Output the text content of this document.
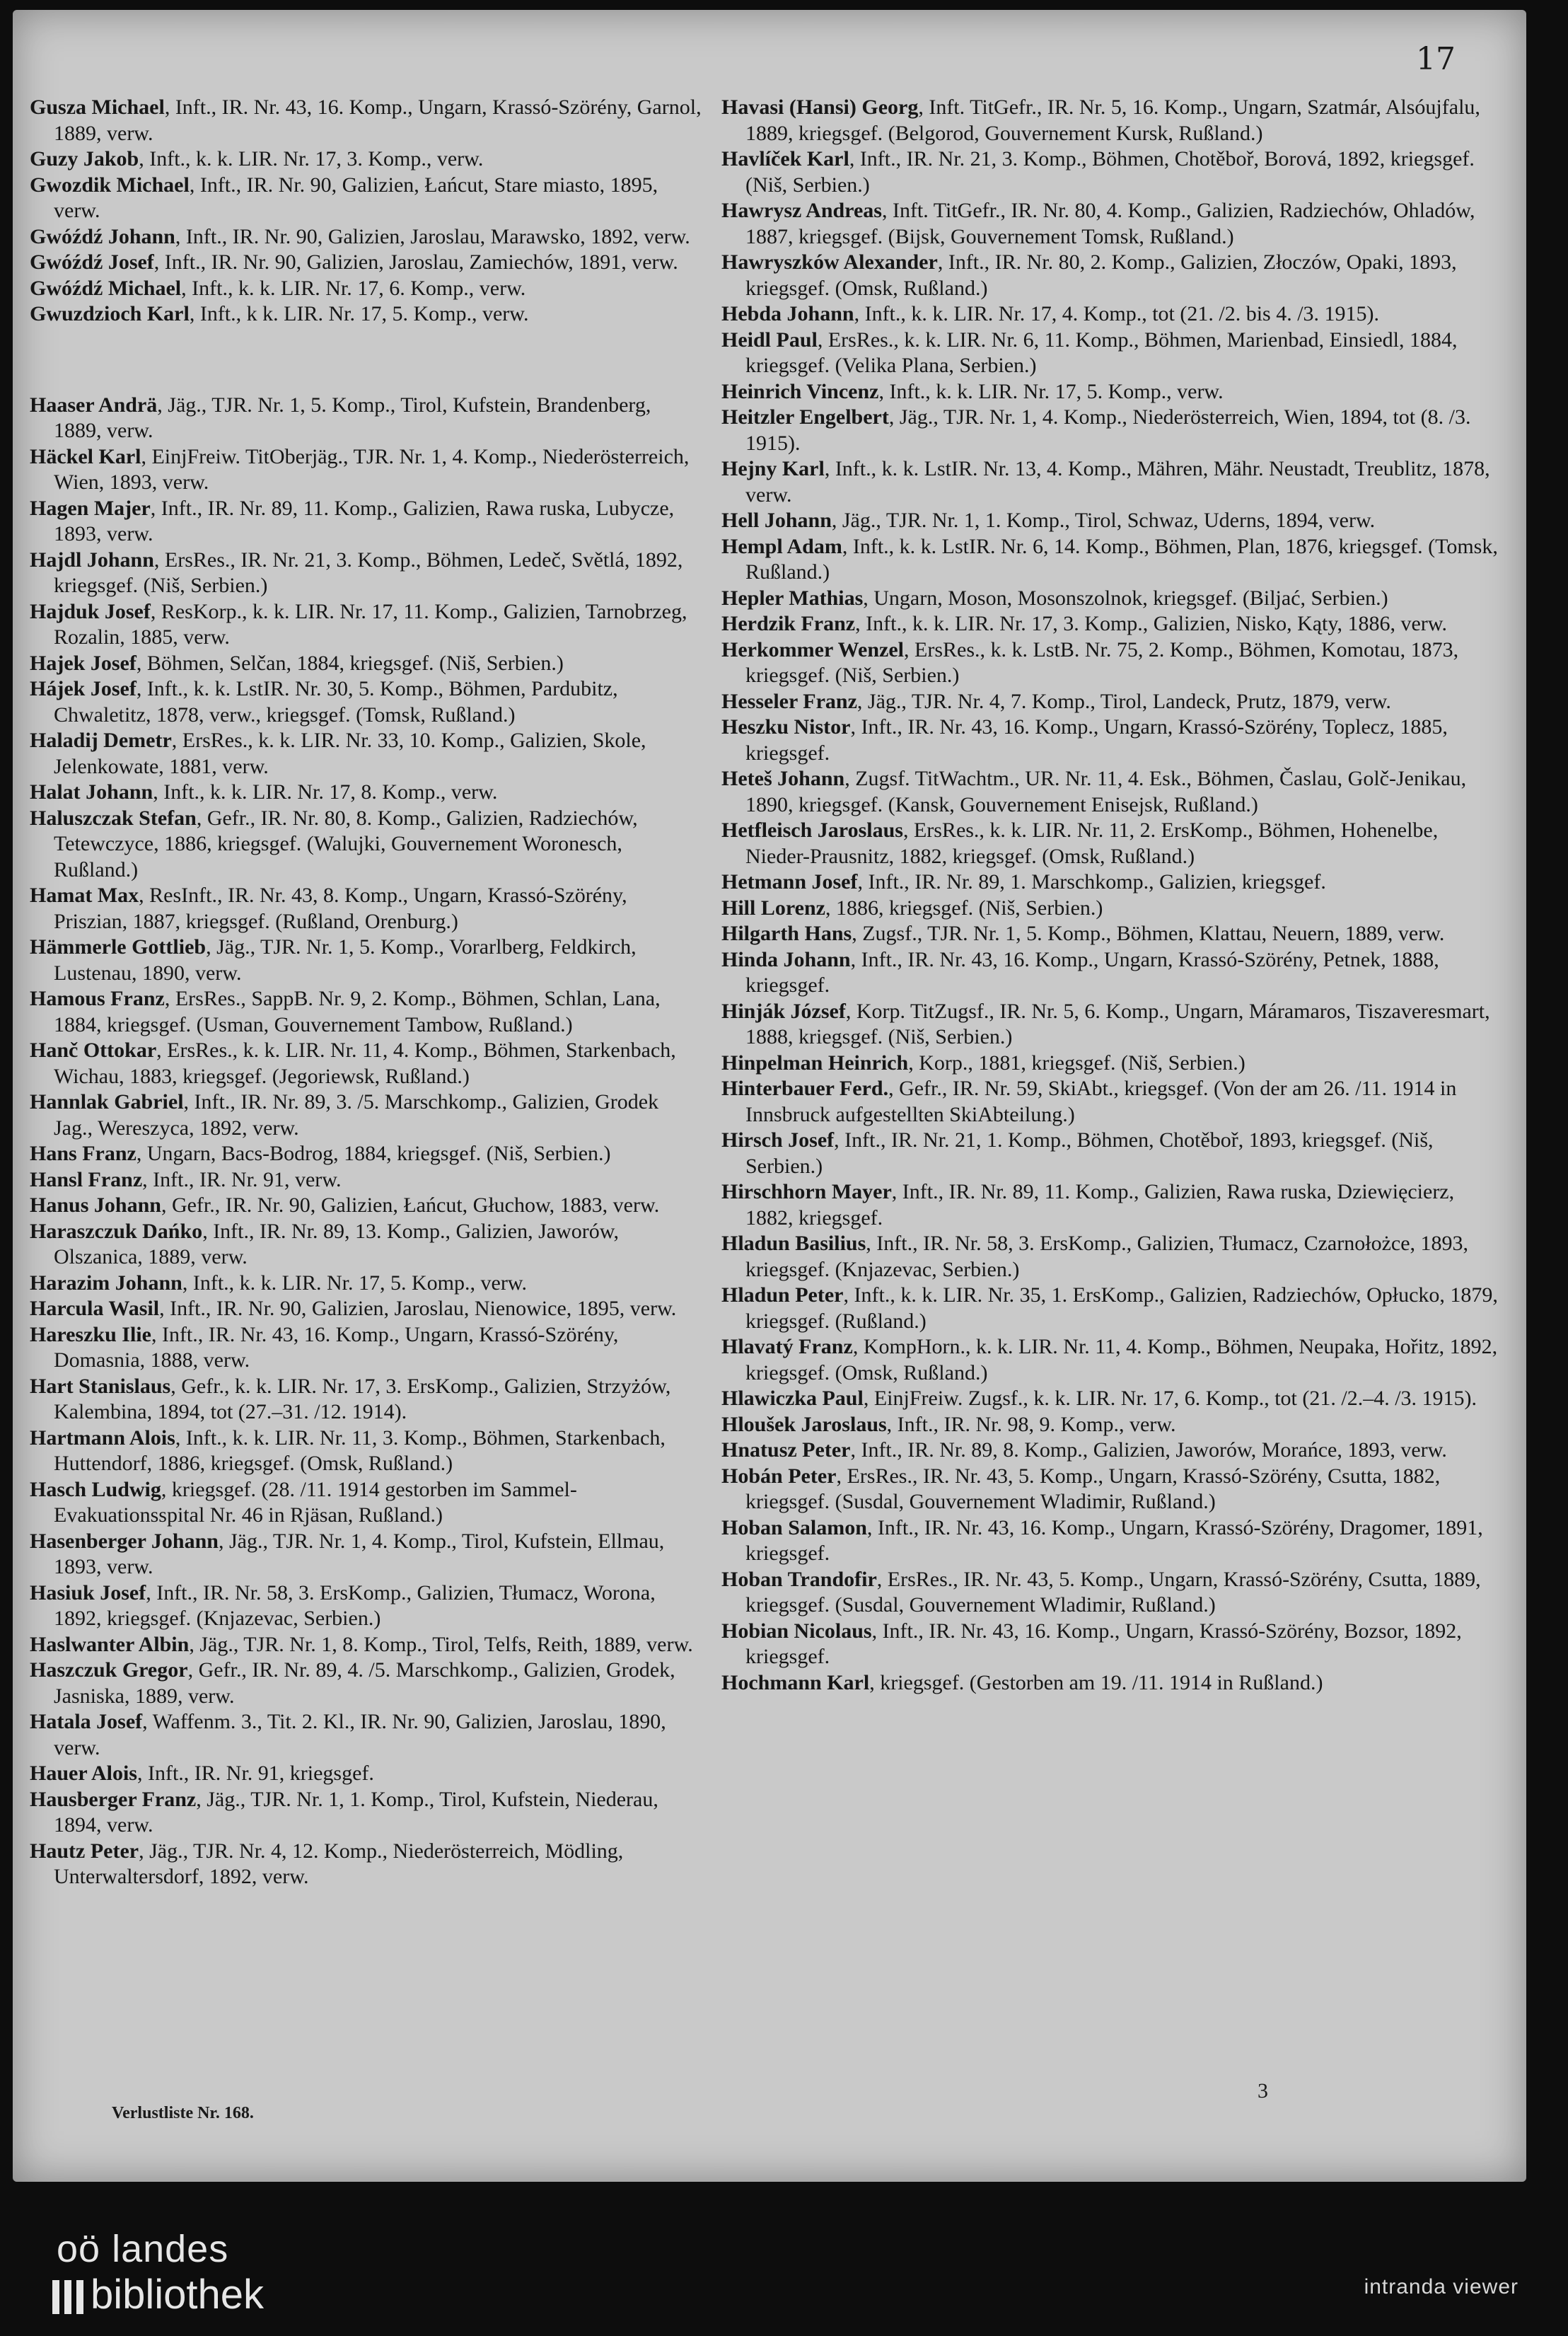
17

Gusza Michael, Inft., IR. Nr. 43, 16. Komp., Ungarn, Krassó-Szörény, Garnol, 1889, verw.

Guzy Jakob, Inft., k. k. LIR. Nr. 17, 3. Komp., verw.

Gwozdik Michael, Inft., IR. Nr. 90, Galizien, Łańcut, Stare miasto, 1895, verw.

Gwóźdź Johann, Inft., IR. Nr. 90, Galizien, Jaroslau, Marawsko, 1892, verw.

Gwóźdź Josef, Inft., IR. Nr. 90, Galizien, Jaroslau, Zamiechów, 1891, verw.

Gwóźdź Michael, Inft., k. k. LIR. Nr. 17, 6. Komp., verw.

Gwuzdzioch Karl, Inft., k k. LIR. Nr. 17, 5. Komp., verw.

Haaser Andrä, Jäg., TJR. Nr. 1, 5. Komp., Tirol, Kufstein, Brandenberg, 1889, verw.

Häckel Karl, EinjFreiw. TitOberjäg., TJR. Nr. 1, 4. Komp., Niederösterreich, Wien, 1893, verw.

Hagen Majer, Inft., IR. Nr. 89, 11. Komp., Galizien, Rawa ruska, Lubycze, 1893, verw.

Hajdl Johann, ErsRes., IR. Nr. 21, 3. Komp., Böhmen, Ledeč, Světlá, 1892, kriegsgef. (Niš, Serbien.)

Hajduk Josef, ResKorp., k. k. LIR. Nr. 17, 11. Komp., Galizien, Tarnobrzeg, Rozalin, 1885, verw.

Hajek Josef, Böhmen, Selčan, 1884, kriegsgef. (Niš, Serbien.)

Hájek Josef, Inft., k. k. LstIR. Nr. 30, 5. Komp., Böhmen, Pardubitz, Chwaletitz, 1878, verw., kriegsgef. (Tomsk, Rußland.)

Haladij Demetr, ErsRes., k. k. LIR. Nr. 33, 10. Komp., Galizien, Skole, Jelenkowate, 1881, verw.

Halat Johann, Inft., k. k. LIR. Nr. 17, 8. Komp., verw.

Haluszczak Stefan, Gefr., IR. Nr. 80, 8. Komp., Galizien, Radziechów, Tetewczyce, 1886, kriegsgef. (Walujki, Gouvernement Woronesch, Rußland.)

Hamat Max, ResInft., IR. Nr. 43, 8. Komp., Ungarn, Krassó-Szörény, Priszian, 1887, kriegsgef. (Rußland, Orenburg.)

Hämmerle Gottlieb, Jäg., TJR. Nr. 1, 5. Komp., Vorarlberg, Feldkirch, Lustenau, 1890, verw.

Hamous Franz, ErsRes., SappB. Nr. 9, 2. Komp., Böhmen, Schlan, Lana, 1884, kriegsgef. (Usman, Gouvernement Tambow, Rußland.)

Hanč Ottokar, ErsRes., k. k. LIR. Nr. 11, 4. Komp., Böhmen, Starkenbach, Wichau, 1883, kriegsgef. (Jegoriewsk, Rußland.)

Hannlak Gabriel, Inft., IR. Nr. 89, 3. /5. Marschkomp., Galizien, Grodek Jag., Wereszyca, 1892, verw.

Hans Franz, Ungarn, Bacs-Bodrog, 1884, kriegsgef. (Niš, Serbien.)

Hansl Franz, Inft., IR. Nr. 91, verw.

Hanus Johann, Gefr., IR. Nr. 90, Galizien, Łańcut, Głuchow, 1883, verw.

Haraszczuk Dańko, Inft., IR. Nr. 89, 13. Komp., Galizien, Jaworów, Olszanica, 1889, verw.

Harazim Johann, Inft., k. k. LIR. Nr. 17, 5. Komp., verw.

Harcula Wasil, Inft., IR. Nr. 90, Galizien, Jaroslau, Nienowice, 1895, verw.

Hareszku Ilie, Inft., IR. Nr. 43, 16. Komp., Ungarn, Krassó-Szörény, Domasnia, 1888, verw.

Hart Stanislaus, Gefr., k. k. LIR. Nr. 17, 3. ErsKomp., Galizien, Strzyżów, Kalembina, 1894, tot (27.–31. /12. 1914).

Hartmann Alois, Inft., k. k. LIR. Nr. 11, 3. Komp., Böhmen, Starkenbach, Huttendorf, 1886, kriegsgef. (Omsk, Rußland.)

Hasch Ludwig, kriegsgef. (28. /11. 1914 gestorben im Sammel-Evakuationsspital Nr. 46 in Rjäsan, Rußland.)

Hasenberger Johann, Jäg., TJR. Nr. 1, 4. Komp., Tirol, Kufstein, Ellmau, 1893, verw.

Hasiuk Josef, Inft., IR. Nr. 58, 3. ErsKomp., Galizien, Tłumacz, Worona, 1892, kriegsgef. (Knjazevac, Serbien.)

Haslwanter Albin, Jäg., TJR. Nr. 1, 8. Komp., Tirol, Telfs, Reith, 1889, verw.

Haszczuk Gregor, Gefr., IR. Nr. 89, 4. /5. Marschkomp., Galizien, Grodek, Jasniska, 1889, verw.

Hatala Josef, Waffenm. 3., Tit. 2. Kl., IR. Nr. 90, Galizien, Jaroslau, 1890, verw.

Hauer Alois, Inft., IR. Nr. 91, kriegsgef.

Hausberger Franz, Jäg., TJR. Nr. 1, 1. Komp., Tirol, Kufstein, Niederau, 1894, verw.

Hautz Peter, Jäg., TJR. Nr. 4, 12. Komp., Niederösterreich, Mödling, Unterwaltersdorf, 1892, verw.

Havasi (Hansi) Georg, Inft. TitGefr., IR. Nr. 5, 16. Komp., Ungarn, Szatmár, Alsóujfalu, 1889, kriegsgef. (Belgorod, Gouvernement Kursk, Rußland.)

Havlíček Karl, Inft., IR. Nr. 21, 3. Komp., Böhmen, Chotěboř, Borová, 1892, kriegsgef. (Niš, Serbien.)

Hawrysz Andreas, Inft. TitGefr., IR. Nr. 80, 4. Komp., Galizien, Radziechów, Ohladów, 1887, kriegsgef. (Bijsk, Gouvernement Tomsk, Rußland.)

Hawryszków Alexander, Inft., IR. Nr. 80, 2. Komp., Galizien, Złoczów, Opaki, 1893, kriegsgef. (Omsk, Rußland.)

Hebda Johann, Inft., k. k. LIR. Nr. 17, 4. Komp., tot (21. /2. bis 4. /3. 1915).

Heidl Paul, ErsRes., k. k. LIR. Nr. 6, 11. Komp., Böhmen, Marienbad, Einsiedl, 1884, kriegsgef. (Velika Plana, Serbien.)

Heinrich Vincenz, Inft., k. k. LIR. Nr. 17, 5. Komp., verw.

Heitzler Engelbert, Jäg., TJR. Nr. 1, 4. Komp., Niederösterreich, Wien, 1894, tot (8. /3. 1915).

Hejny Karl, Inft., k. k. LstIR. Nr. 13, 4. Komp., Mähren, Mähr. Neustadt, Treublitz, 1878, verw.

Hell Johann, Jäg., TJR. Nr. 1, 1. Komp., Tirol, Schwaz, Uderns, 1894, verw.

Hempl Adam, Inft., k. k. LstIR. Nr. 6, 14. Komp., Böhmen, Plan, 1876, kriegsgef. (Tomsk, Rußland.)

Hepler Mathias, Ungarn, Moson, Mosonszolnok, kriegsgef. (Biljać, Serbien.)

Herdzik Franz, Inft., k. k. LIR. Nr. 17, 3. Komp., Galizien, Nisko, Kąty, 1886, verw.

Herkommer Wenzel, ErsRes., k. k. LstB. Nr. 75, 2. Komp., Böhmen, Komotau, 1873, kriegsgef. (Niš, Serbien.)

Hesseler Franz, Jäg., TJR. Nr. 4, 7. Komp., Tirol, Landeck, Prutz, 1879, verw.

Heszku Nistor, Inft., IR. Nr. 43, 16. Komp., Ungarn, Krassó-Szörény, Toplecz, 1885, kriegsgef.

Heteš Johann, Zugsf. TitWachtm., UR. Nr. 11, 4. Esk., Böhmen, Časlau, Golč-Jenikau, 1890, kriegsgef. (Kansk, Gouvernement Enisejsk, Rußland.)

Hetfleisch Jaroslaus, ErsRes., k. k. LIR. Nr. 11, 2. ErsKomp., Böhmen, Hohenelbe, Nieder-Prausnitz, 1882, kriegsgef. (Omsk, Rußland.)

Hetmann Josef, Inft., IR. Nr. 89, 1. Marschkomp., Galizien, kriegsgef.

Hill Lorenz, 1886, kriegsgef. (Niš, Serbien.)

Hilgarth Hans, Zugsf., TJR. Nr. 1, 5. Komp., Böhmen, Klattau, Neuern, 1889, verw.

Hinda Johann, Inft., IR. Nr. 43, 16. Komp., Ungarn, Krassó-Szörény, Petnek, 1888, kriegsgef.

Hinják József, Korp. TitZugsf., IR. Nr. 5, 6. Komp., Ungarn, Máramaros, Tiszaveresmart, 1888, kriegsgef. (Niš, Serbien.)

Hinpelman Heinrich, Korp., 1881, kriegsgef. (Niš, Serbien.)

Hinterbauer Ferd., Gefr., IR. Nr. 59, SkiAbt., kriegsgef. (Von der am 26. /11. 1914 in Innsbruck aufgestellten SkiAbteilung.)

Hirsch Josef, Inft., IR. Nr. 21, 1. Komp., Böhmen, Chotěboř, 1893, kriegsgef. (Niš, Serbien.)

Hirschhorn Mayer, Inft., IR. Nr. 89, 11. Komp., Galizien, Rawa ruska, Dziewięcierz, 1882, kriegsgef.

Hladun Basilius, Inft., IR. Nr. 58, 3. ErsKomp., Galizien, Tłumacz, Czarnołożce, 1893, kriegsgef. (Knjazevac, Serbien.)

Hladun Peter, Inft., k. k. LIR. Nr. 35, 1. ErsKomp., Galizien, Radziechów, Opłucko, 1879, kriegsgef. (Rußland.)

Hlavatý Franz, KompHorn., k. k. LIR. Nr. 11, 4. Komp., Böhmen, Neupaka, Hořitz, 1892, kriegsgef. (Omsk, Rußland.)

Hlawiczka Paul, EinjFreiw. Zugsf., k. k. LIR. Nr. 17, 6. Komp., tot (21. /2.–4. /3. 1915).

Hloušek Jaroslaus, Inft., IR. Nr. 98, 9. Komp., verw.

Hnatusz Peter, Inft., IR. Nr. 89, 8. Komp., Galizien, Jaworów, Morańce, 1893, verw.

Hobán Peter, ErsRes., IR. Nr. 43, 5. Komp., Ungarn, Krassó-Szörény, Csutta, 1882, kriegsgef. (Susdal, Gouvernement Wladimir, Rußland.)

Hoban Salamon, Inft., IR. Nr. 43, 16. Komp., Ungarn, Krassó-Szörény, Dragomer, 1891, kriegsgef.

Hoban Trandofir, ErsRes., IR. Nr. 43, 5. Komp., Ungarn, Krassó-Szörény, Csutta, 1889, kriegsgef. (Susdal, Gouvernement Wladimir, Rußland.)

Hobian Nicolaus, Inft., IR. Nr. 43, 16. Komp., Ungarn, Krassó-Szörény, Bozsor, 1892, kriegsgef.

Hochmann Karl, kriegsgef. (Gestorben am 19. /11. 1914 in Rußland.)

Verlustliste Nr. 168.
3
oö landes
bibliothek	intranda viewer
